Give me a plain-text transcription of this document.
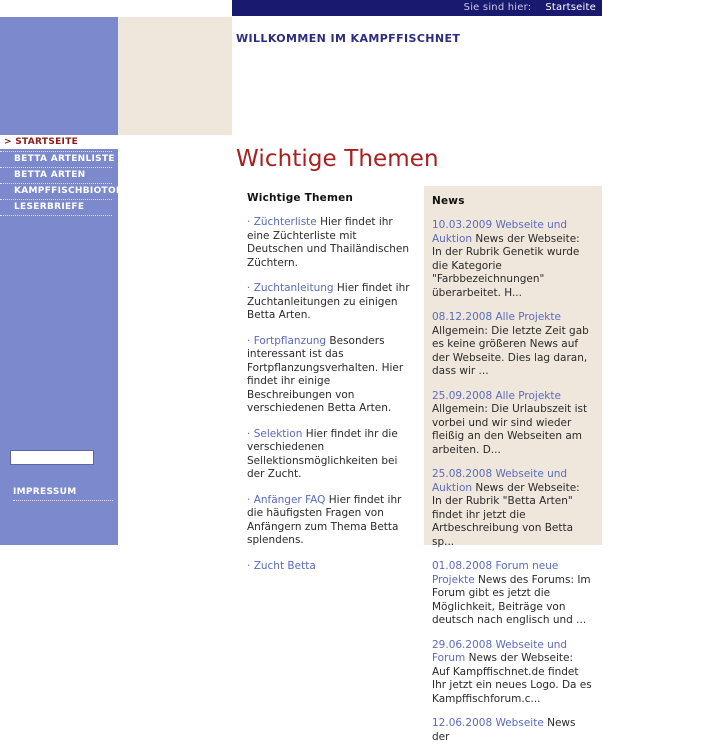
Sie sind hier: Startseite
WILLKOMMEN IM KAMPFFISCHNET
> STARTSEITE
BETTA ARTENLISTE
BETTA ARTEN
KAMPFFISCHBIOTOPE
LESERBRIEFE
IMPRESSUM
Wichtige Themen
Wichtige Themen
· Züchterliste Hier findet ihr eine Züchterliste mit Deutschen und Thailändischen Züchtern.
· Zuchtanleitung Hier findet ihr Zuchtanleitungen zu einigen Betta Arten.
· Fortpflanzung Besonders interessant ist das Fortpflanzungsverhalten. Hier findet ihr einige Beschreibungen von verschiedenen Betta Arten.
· Selektion Hier findet ihr die verschiedenen Sellektionsmöglichkeiten bei der Zucht.
· Anfänger FAQ Hier findet ihr die häufigsten Fragen von Anfängern zum Thema Betta splendens.
· Zucht Betta
News
10.03.2009 Webseite und Auktion News der Webseite: In der Rubrik Genetik wurde die Kategorie "Farbbezeichnungen" überarbeitet. H...
08.12.2008 Alle Projekte Allgemein: Die letzte Zeit gab es keine größeren News auf der Webseite. Dies lag daran, dass wir ...
25.09.2008 Alle Projekte Allgemein: Die Urlaubszeit ist vorbei und wir sind wieder fleißig an den Webseiten am arbeiten. D...
25.08.2008 Webseite und Auktion News der Webseite: In der Rubrik "Betta Arten" findet ihr jetzt die Artbeschreibung von Betta sp...
01.08.2008 Forum neue Projekte News des Forums: Im Forum gibt es jetzt die Möglichkeit, Beiträge von deutsch nach englisch und ...
29.06.2008 Webseite und Forum News der Webseite: Auf Kampffischnet.de findet Ihr jetzt ein neues Logo. Da es Kampffischforum.c...
12.06.2008 Webseite News der
